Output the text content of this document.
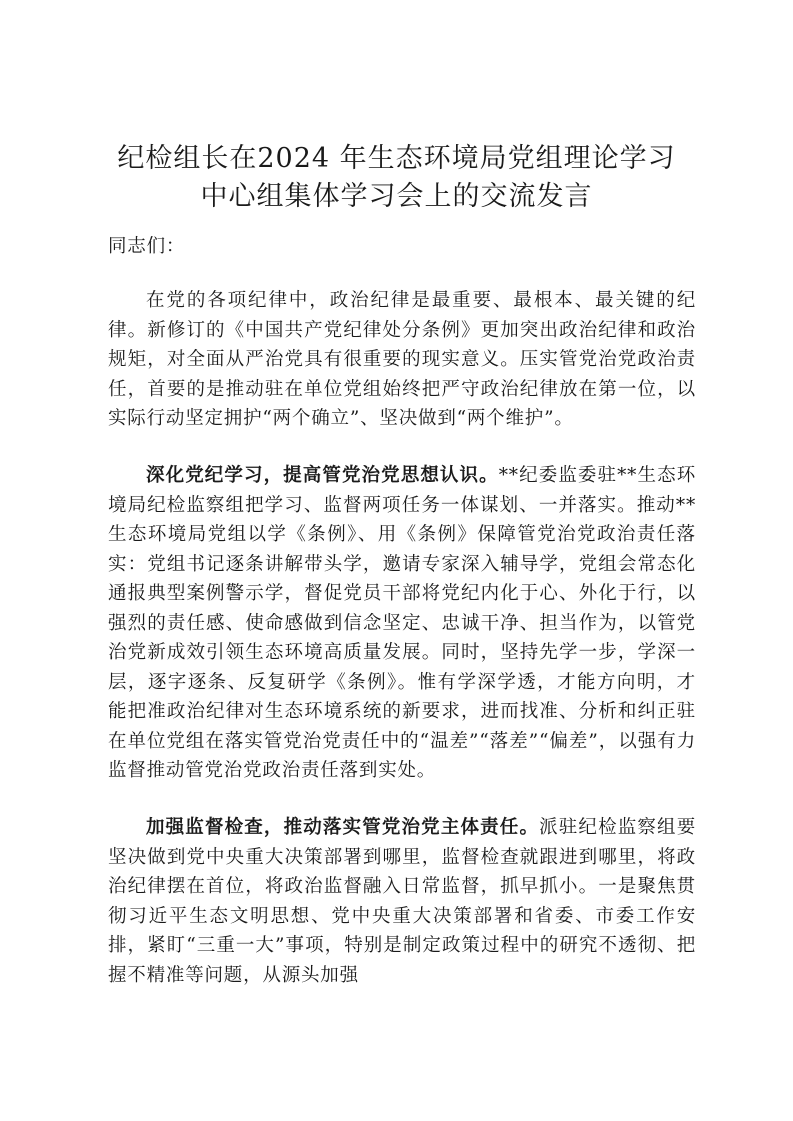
纪检组长在2024 年生态环境局党组理论学习
中心组集体学习会上的交流发言

同志们：

在党的各项纪律中，政治纪律是最重要、最根本、最关键的纪律。新修订的《中国共产党纪律处分条例》更加突出政治纪律和政治规矩，对全面从严治党具有很重要的现实意义。压实管党治党政治责任，首要的是推动驻在单位党组始终把严守政治纪律放在第一位，以实际行动坚定拥护“两个确立”、坚决做到“两个维护”。

深化党纪学习，提高管党治党思想认识。**纪委监委驻**生态环境局纪检监察组把学习、监督两项任务一体谋划、一并落实。推动**生态环境局党组以学《条例》、用《条例》保障管党治党政治责任落实：党组书记逐条讲解带头学，邀请专家深入辅导学，党组会常态化通报典型案例警示学，督促党员干部将党纪内化于心、外化于行，以强烈的责任感、使命感做到信念坚定、忠诚干净、担当作为，以管党治党新成效引领生态环境高质量发展。同时，坚持先学一步，学深一层，逐字逐条、反复研学《条例》。惟有学深学透，才能方向明，才能把准政治纪律对生态环境系统的新要求，进而找准、分析和纠正驻在单位党组在落实管党治党责任中的“温差”“落差”“偏差”，以强有力监督推动管党治党政治责任落到实处。

加强监督检查，推动落实管党治党主体责任。派驻纪检监察组要坚决做到党中央重大决策部署到哪里，监督检查就跟进到哪里，将政治纪律摆在首位，将政治监督融入日常监督，抓早抓小。一是聚焦贯彻习近平生态文明思想、党中央重大决策部署和省委、市委工作安排，紧盯“三重一大”事项，特别是制定政策过程中的研究不透彻、把握不精准等问题，从源头加强
